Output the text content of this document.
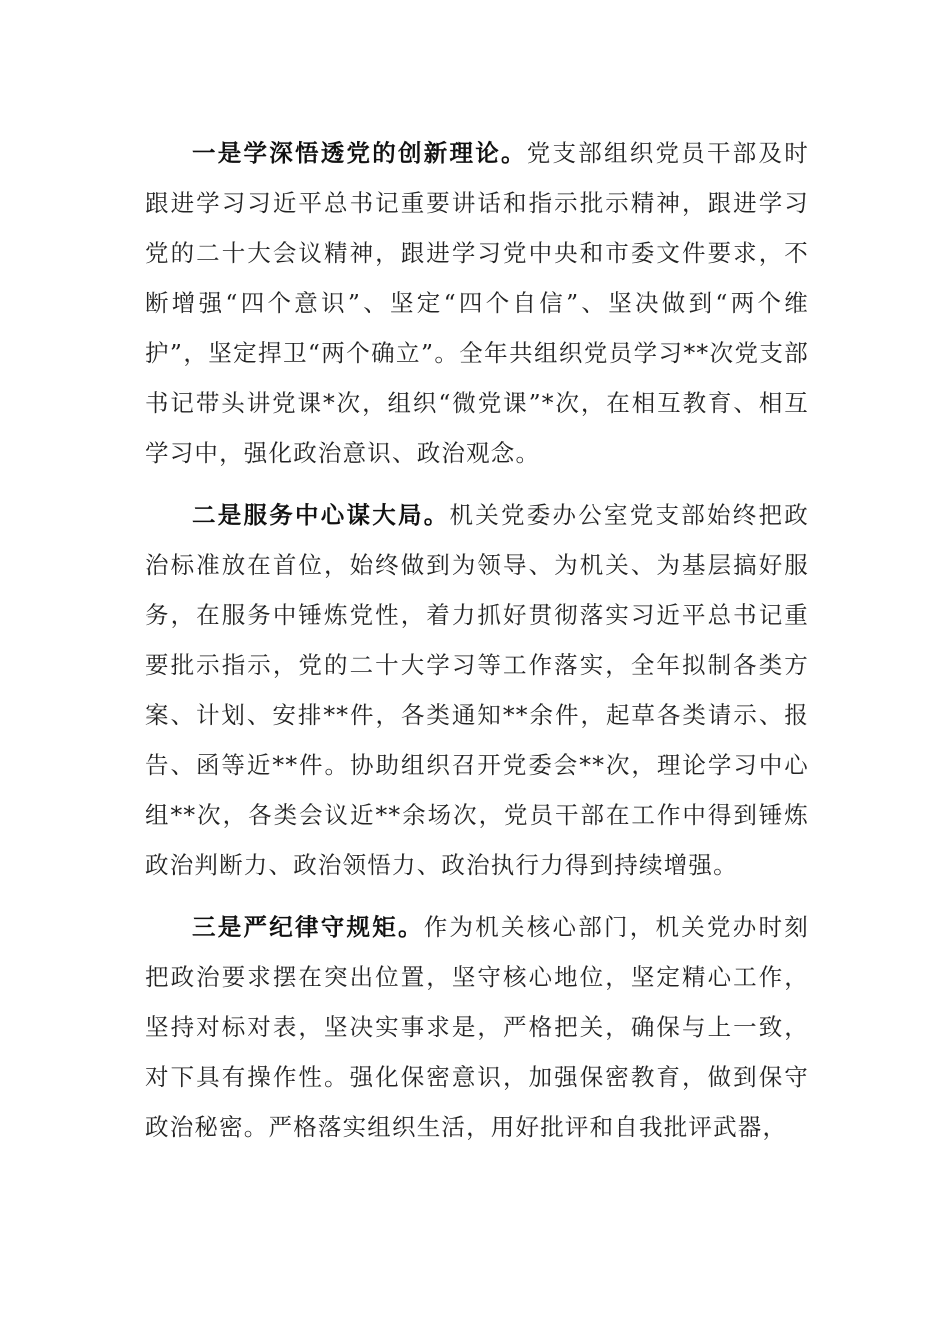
一是学深悟透党的创新理论。党支部组织党员干部及时跟进学习习近平总书记重要讲话和指示批示精神，跟进学习党的二十大会议精神，跟进学习党中央和市委文件要求，不断增强“四个意识”、坚定“四个自信”、坚决做到“两个维护”，坚定捍卫“两个确立”。全年共组织党员学习**次党支部书记带头讲党课*次，组织“微党课”*次，在相互教育、相互学习中，强化政治意识、政治观念。

二是服务中心谋大局。机关党委办公室党支部始终把政治标准放在首位，始终做到为领导、为机关、为基层搞好服务，在服务中锤炼党性，着力抓好贯彻落实习近平总书记重要批示指示，党的二十大学习等工作落实，全年拟制各类方案、计划、安排**件，各类通知**余件，起草各类请示、报告、函等近**件。协助组织召开党委会**次，理论学习中心组**次，各类会议近**余场次，党员干部在工作中得到锤炼政治判断力、政治领悟力、政治执行力得到持续增强。

三是严纪律守规矩。作为机关核心部门，机关党办时刻把政治要求摆在突出位置，坚守核心地位，坚定精心工作，坚持对标对表，坚决实事求是，严格把关，确保与上一致，对下具有操作性。强化保密意识，加强保密教育，做到保守政治秘密。严格落实组织生活，用好批评和自我批评武器，
